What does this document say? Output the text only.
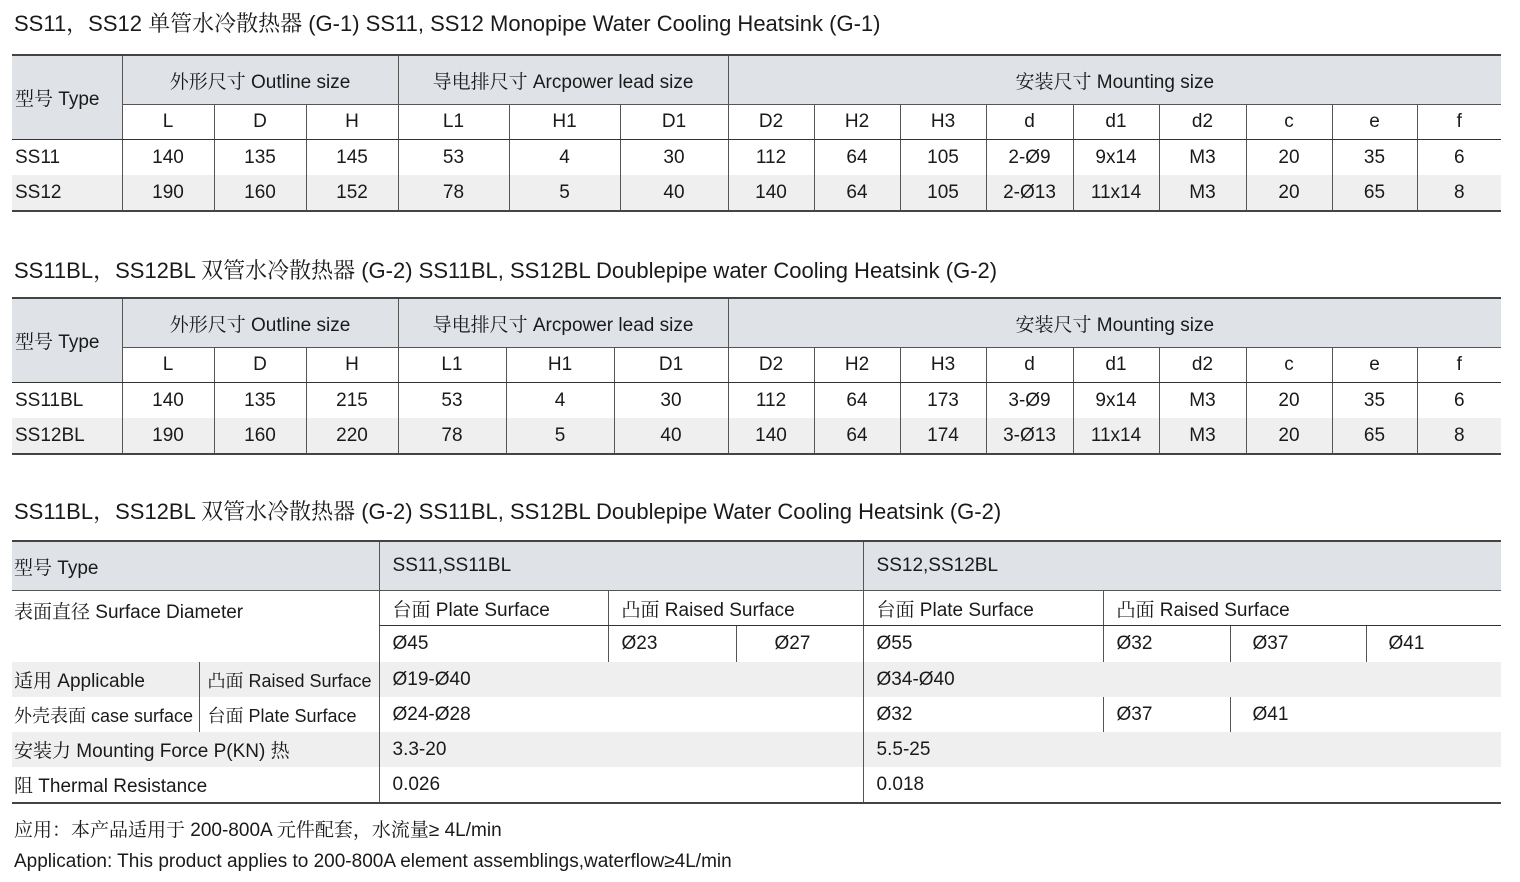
SS11，SS12 单管水冷散热器 (G-1) SS11, SS12 Monopipe Water Cooling Heatsink (G-1)
型号 Type	外形尺寸 Outline size			导电排尺寸 Arcpower lead size			安装尺寸 Mounting size								
	L	D	H	L1	H1	D1	D2	H2	H3	d	d1	d2	c	e	f
SS11	140	135	145	53	4	30	112	64	105	2-Ø9	9x14	M3	20	35	6
SS12	190	160	152	78	5	40	140	64	105	2-Ø13	11x14	M3	20	65	8
SS11BL，SS12BL 双管水冷散热器 (G-2) SS11BL, SS12BL Doublepipe water Cooling Heatsink (G-2)
型号 Type	外形尺寸 Outline size			导电排尺寸 Arcpower lead size			安装尺寸 Mounting size								
	L	D	H	L1	H1	D1	D2	H2	H3	d	d1	d2	c	e	f
SS11BL	140	135	215	53	4	30	112	64	173	3-Ø9	9x14	M3	20	35	6
SS12BL	190	160	220	78	5	40	140	64	174	3-Ø13	11x14	M3	20	65	8
SS11BL，SS12BL 双管水冷散热器 (G-2) SS11BL, SS12BL Doublepipe Water Cooling Heatsink (G-2)
型号 Type		SS11,SS11BL			SS12,SS12BL			
表面直径 Surface Diameter		台面 Plate Surface	凸面 Raised Surface		台面 Plate Surface	凸面 Raised Surface		
		Ø45	Ø23	Ø27	Ø55	Ø32	Ø37	Ø41
适用 Applicable	凸面 Raised Surface	Ø19-Ø40			Ø34-Ø40			
外壳表面 case surface	台面 Plate Surface	Ø24-Ø28			Ø32	Ø37	Ø41	
安装力 Mounting Force P(KN) 热		3.3-20			5.5-25			
阻 Thermal Resistance		0.026			0.018			
应用：本产品适用于 200-800A 元件配套，水流量≥ 4L/min
Application: This product applies to 200-800A element assemblings,waterflow≥4L/min
